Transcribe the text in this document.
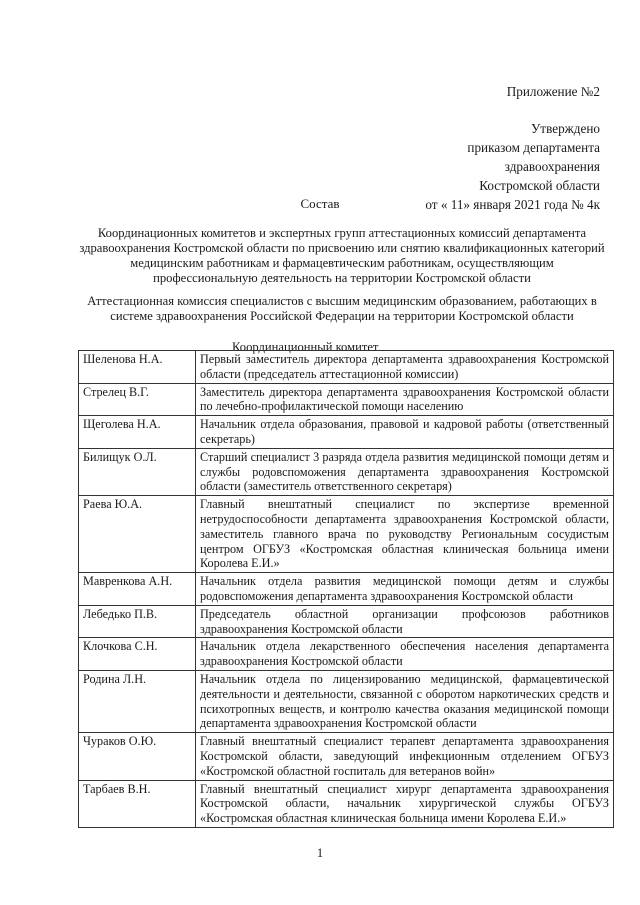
Приложение №2
Утверждено
приказом департамента
здравоохранения
Костромской области
от « 11» января 2021 года № 4к
Состав
Координационных комитетов и экспертных групп аттестационных комиссий департамента здравоохранения Костромской области по присвоению или снятию квалификационных категорий медицинским работникам и фармацевтическим работникам, осуществляющим профессиональную деятельность на территории Костромской области
Аттестационная комиссия специалистов с высшим медицинским образованием, работающих в системе здравоохранения Российской Федерации на территории Костромской области
Координационный комитет
Шеленова Н.А.	Первый заместитель директора департамента здравоохранения Костромской области (председатель аттестационной комиссии)
Стрелец В.Г.	Заместитель директора департамента здравоохранения Костромской области по лечебно-профилактической помощи населению
Щеголева Н.А.	Начальник отдела образования, правовой и кадровой работы (ответственный секретарь)
Билищук О.Л.	Старший специалист 3 разряда отдела развития медицинской помощи детям и службы родовспоможения департамента здравоохранения Костромской области (заместитель ответственного секретаря)
Раева Ю.А.	Главный внештатный специалист по экспертизе временной нетрудоспособности департамента здравоохранения Костромской области, заместитель главного врача по руководству Региональным сосудистым центром ОГБУЗ «Костромская областная клиническая больница имени Королева Е.И.»
Мавренкова А.Н.	Начальник отдела развития медицинской помощи детям и службы родовспоможения департамента здравоохранения Костромской области
Лебедько П.В.	Председатель областной организации профсоюзов работников здравоохранения Костромской области
Клочкова С.Н.	Начальник отдела лекарственного обеспечения населения департамента здравоохранения Костромской области
Родина Л.Н.	Начальник отдела по лицензированию медицинской, фармацевтической деятельности и деятельности, связанной с оборотом наркотических средств и психотропных веществ, и контролю качества оказания медицинской помощи департамента здравоохранения Костромской области
Чураков О.Ю.	Главный внештатный специалист терапевт департамента здравоохранения Костромской области, заведующий инфекционным отделением ОГБУЗ «Костромской областной госпиталь для ветеранов войн»
Тарбаев В.Н.	Главный внештатный специалист хирург департамента здравоохранения Костромской области, начальник хирургической службы ОГБУЗ «Костромская областная клиническая больница имени Королева Е.И.»
1
